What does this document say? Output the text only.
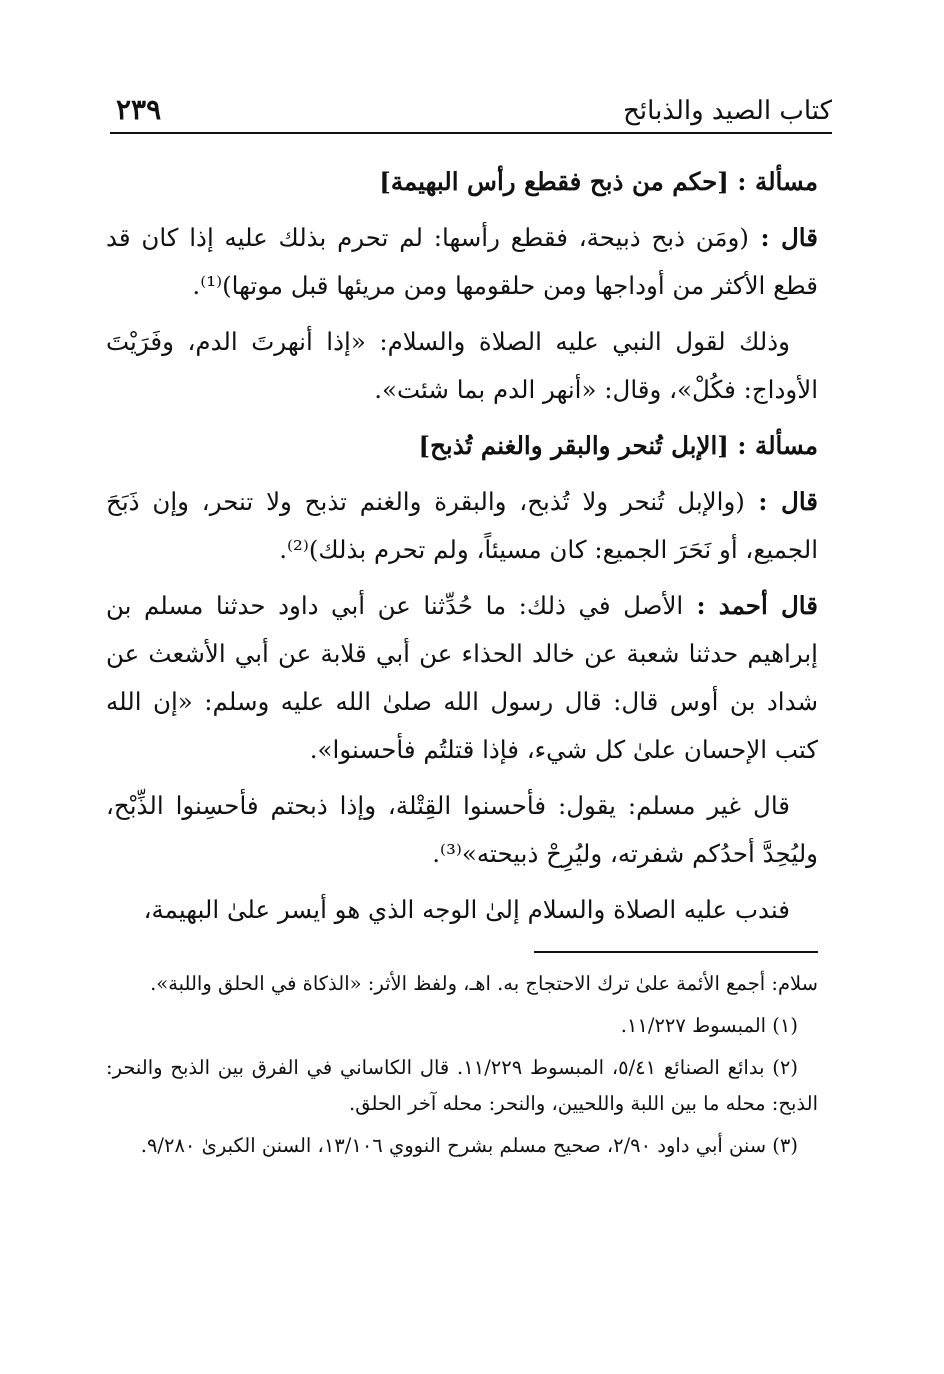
كتاب الصيد والذبائح
٢٣٩

مسألة : [حكم من ذبح فقطع رأس البهيمة]

قال : (ومَن ذبح ذبيحة، فقطع رأسها: لم تحرم بذلك عليه إذا كان قد قطع الأكثر من أوداجها ومن حلقومها ومن مريئها قبل موتها)⁽¹⁾.

وذلك لقول النبي عليه الصلاة والسلام: «إذا أنهرتَ الدم، وفَرَيْتَ الأوداج: فكُلْ»، وقال: «أنهر الدم بما شئت».

مسألة : [الإبل تُنحر والبقر والغنم تُذبح]

قال : (والإبل تُنحر ولا تُذبح، والبقرة والغنم تذبح ولا تنحر، وإن ذَبَحَ الجميع، أو نَحَرَ الجميع: كان مسيئاً، ولم تحرم بذلك)⁽²⁾.

قال أحمد : الأصل في ذلك: ما حُدِّثنا عن أبي داود حدثنا مسلم بن إبراهيم حدثنا شعبة عن خالد الحذاء عن أبي قلابة عن أبي الأشعث عن شداد بن أوس قال: قال رسول الله صلىٰ الله عليه وسلم: «إن الله كتب الإحسان علىٰ كل شيء، فإذا قتلتُم فأحسنوا».

قال غير مسلم: يقول: فأحسنوا القِتْلة، وإذا ذبحتم فأحسِنوا الذِّبْح، وليُحِدَّ أحدُكم شفرته، وليُرِحْ ذبيحته»⁽³⁾.

فندب عليه الصلاة والسلام إلىٰ الوجه الذي هو أيسر علىٰ البهيمة،

سلام: أجمع الأئمة علىٰ ترك الاحتجاج به. اهـ، ولفظ الأثر: «الذكاة في الحلق واللبة».

(١) المبسوط ١١/٢٢٧.

(٢) بدائع الصنائع ٥/٤١، المبسوط ١١/٢٢٩. قال الكاساني في الفرق بين الذبح والنحر: الذبح: محله ما بين اللبة واللحيين، والنحر: محله آخر الحلق.

(٣) سنن أبي داود ٢/٩٠، صحيح مسلم بشرح النووي ١٣/١٠٦، السنن الكبرىٰ ٩/٢٨٠.
